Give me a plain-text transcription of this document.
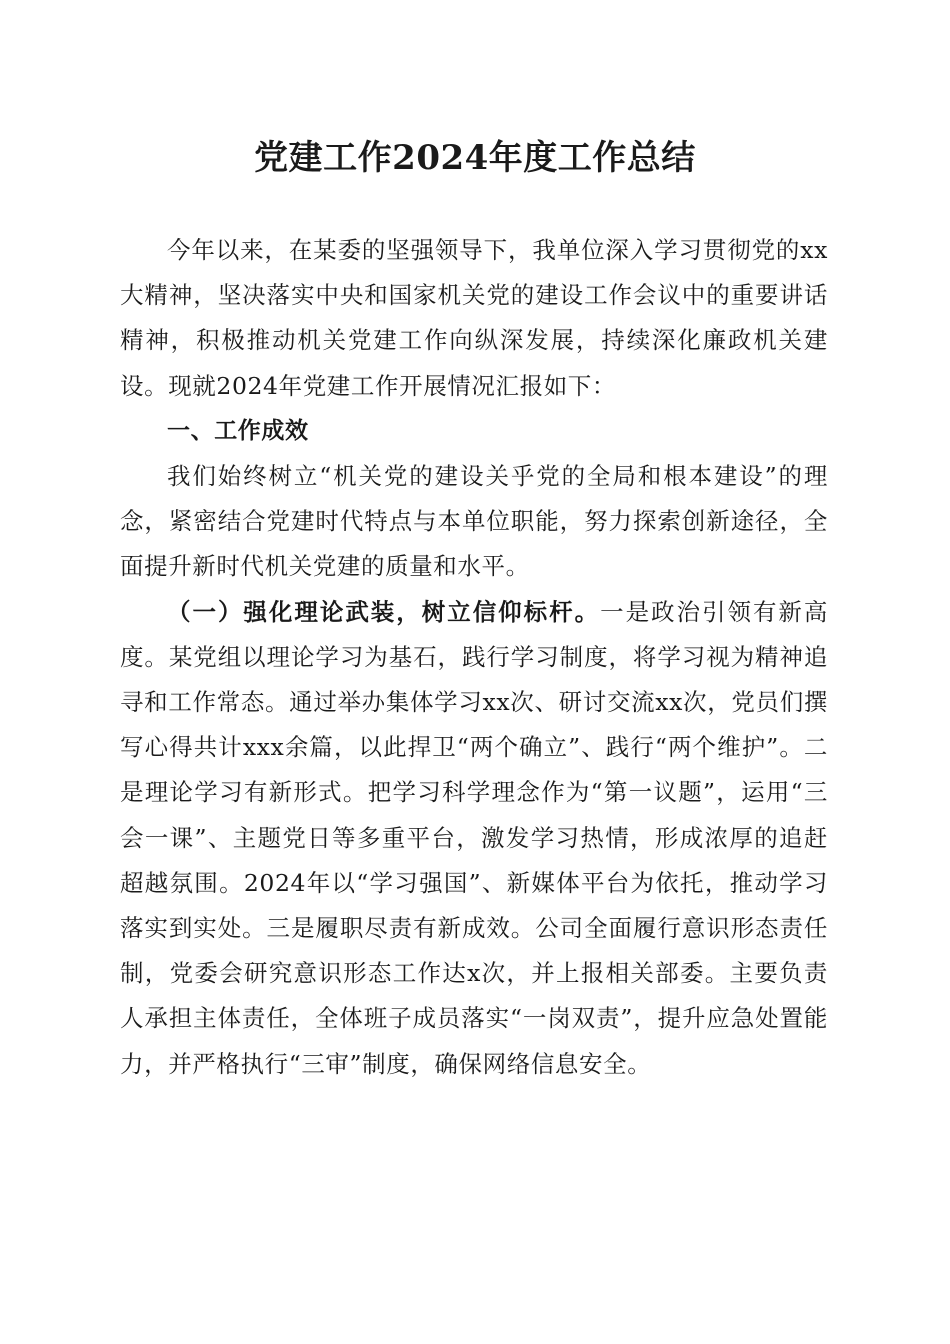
党建工作2024年度工作总结

今年以来，在某委的坚强领导下，我单位深入学习贯彻党的xx大精神，坚决落实中央和国家机关党的建设工作会议中的重要讲话精神，积极推动机关党建工作向纵深发展，持续深化廉政机关建设。现就2024年党建工作开展情况汇报如下：

一、工作成效

我们始终树立“机关党的建设关乎党的全局和根本建设”的理念，紧密结合党建时代特点与本单位职能，努力探索创新途径，全面提升新时代机关党建的质量和水平。

（一）强化理论武装，树立信仰标杆。一是政治引领有新高度。某党组以理论学习为基石，践行学习制度，将学习视为精神追寻和工作常态。通过举办集体学习xx次、研讨交流xx次，党员们撰写心得共计xxx余篇，以此捍卫“两个确立”、践行“两个维护”。二是理论学习有新形式。把学习科学理念作为“第一议题”，运用“三会一课”、主题党日等多重平台，激发学习热情，形成浓厚的追赶超越氛围。2024年以“学习强国”、新媒体平台为依托，推动学习落实到实处。三是履职尽责有新成效。公司全面履行意识形态责任制，党委会研究意识形态工作达x次，并上报相关部委。主要负责人承担主体责任，全体班子成员落实“一岗双责”，提升应急处置能力，并严格执行“三审”制度，确保网络信息安全。
